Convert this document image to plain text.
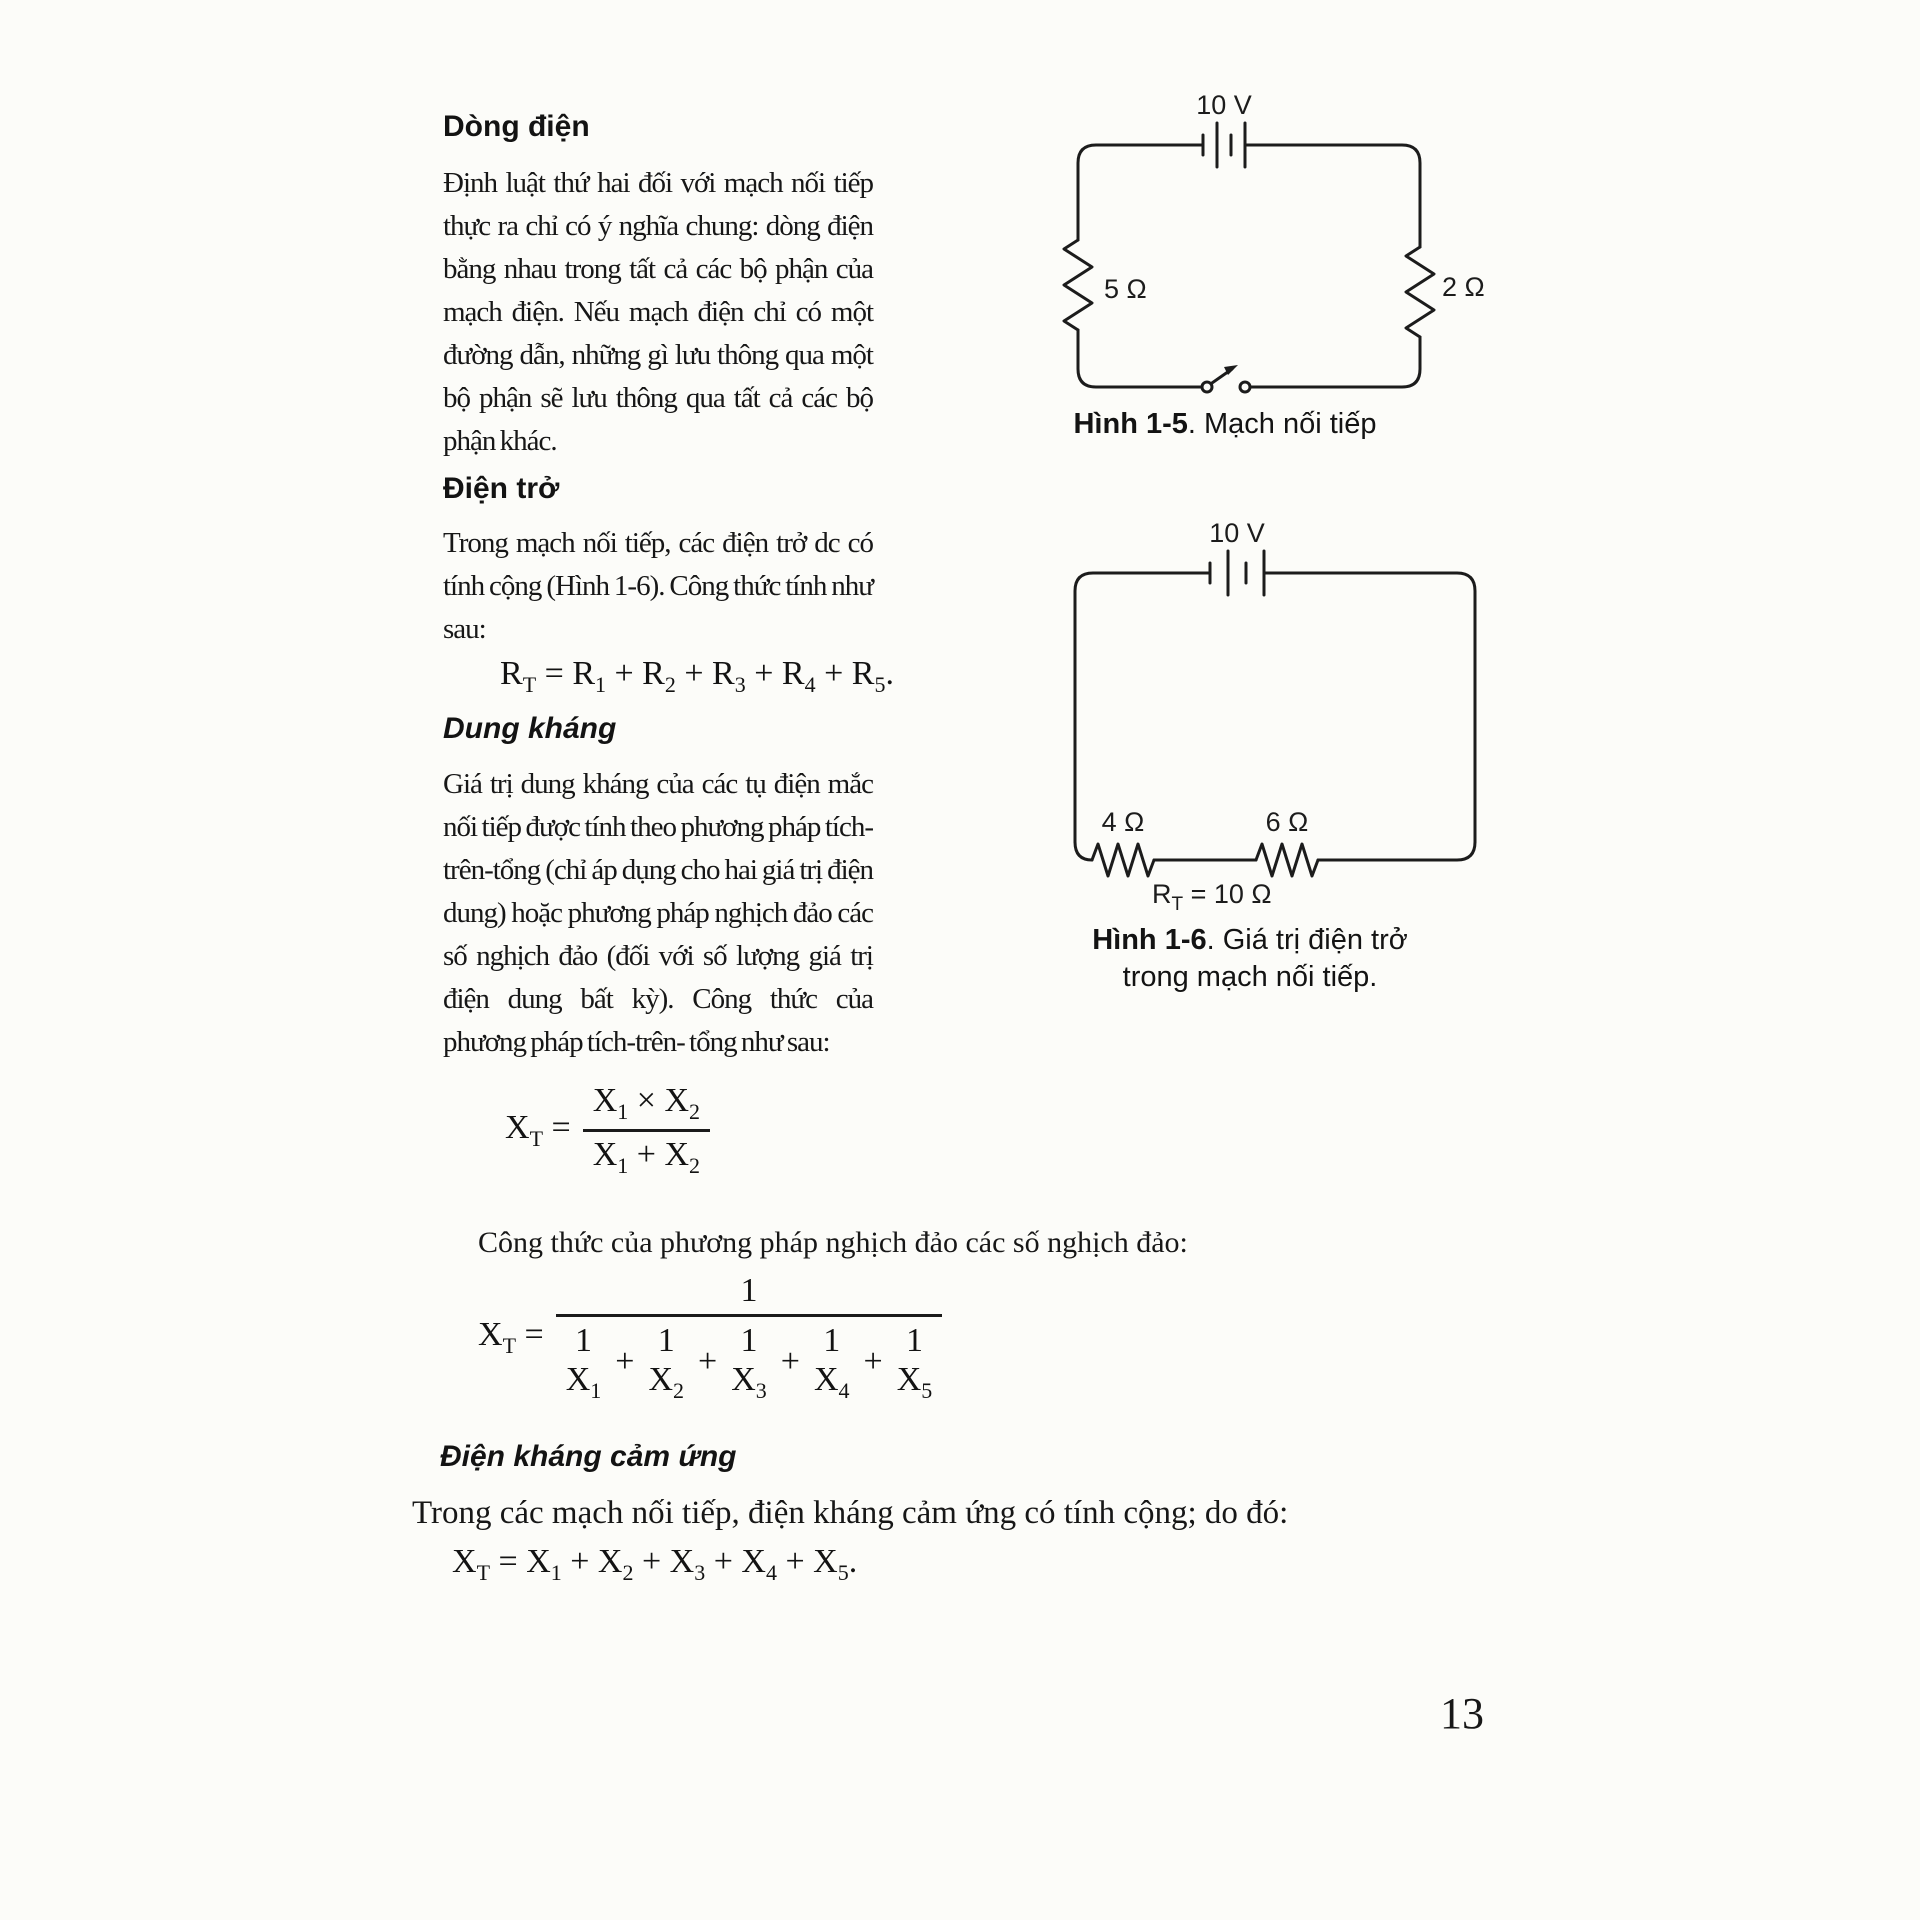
Dòng điện
Định luật thứ hai đối với mạch nối tiếp thực ra chỉ có ý nghĩa chung: dòng điện bằng nhau trong tất cả các bộ phận của mạch điện. Nếu mạch điện chỉ có một đường dẫn, những gì lưu thông qua một bộ phận sẽ lưu thông qua tất cả các bộ phận khác.
10 V
5 Ω	2 Ω
Hình 1-5. Mạch nối tiếp
Điện trở
Trong mạch nối tiếp, các điện trở dc có tính cộng (Hình 1-6). Công thức tính như sau:
$R_T = R_1 + R_2 + R_3 + R_4 + R_5$.
Dung kháng
Giá trị dung kháng của các tụ điện mắc nối tiếp được tính theo phương pháp tích-trên-tổng (chỉ áp dụng cho hai giá trị điện dung) hoặc phương pháp nghịch đảo các số nghịch đảo (đối với số lượng giá trị điện dung bất kỳ). Công thức của phương pháp tích-trên- tổng như sau:
10 V
4 Ω	6 Ω
$R_T = 10$ Ω
Hình 1-6. Giá trị điện trở
trong mạch nối tiếp.
$X_T = \frac{X_1 \times X_2}{X_1 + X_2}$
Công thức của phương pháp nghịch đảo các số nghịch đảo:
$X_T$ =
1
1
$X_1$
+
1
$X_2$
+
1
$X_3$
+
1
$X_4$
+
1
$X_5$
Điện kháng cảm ứng
Trong các mạch nối tiếp, điện kháng cảm ứng có tính cộng; do đó:
$X_T = X_1 + X_2 + X_3 + X_4 + X_5$.
13
